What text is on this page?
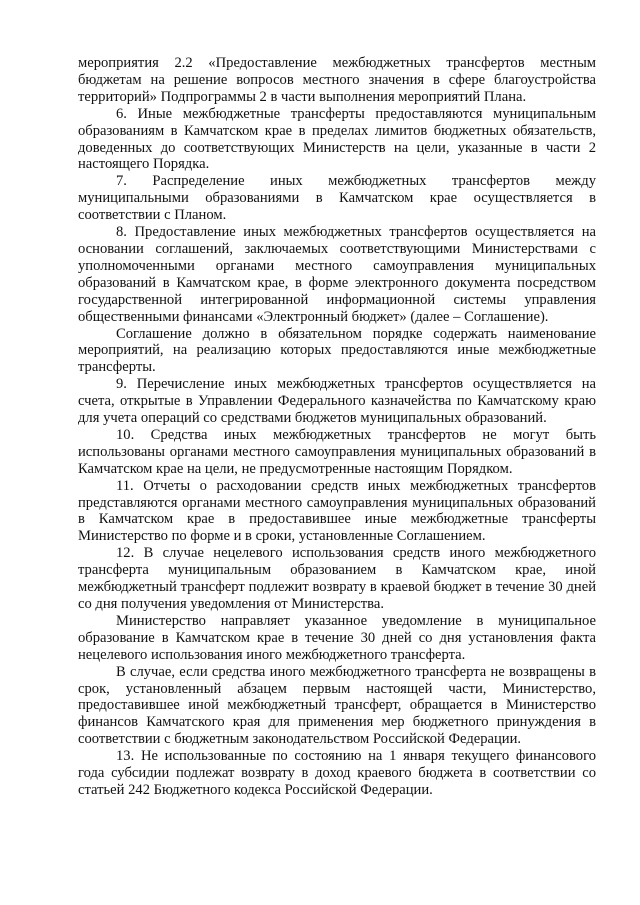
мероприятия 2.2 «Предоставление межбюджетных трансфертов местным бюджетам на решение вопросов местного значения в сфере благоустройства территорий» Подпрограммы 2 в части выполнения мероприятий Плана.

6. Иные межбюджетные трансферты предоставляются муниципальным образованиям в Камчатском крае в пределах лимитов бюджетных обязательств, доведенных до соответствующих Министерств на цели, указанные в части 2 настоящего Порядка.

7. Распределение иных межбюджетных трансфертов между муниципальными образованиями в Камчатском крае осуществляется в соответствии с Планом.

8. Предоставление иных межбюджетных трансфертов осуществляется на основании соглашений, заключаемых соответствующими Министерствами с уполномоченными органами местного самоуправления муниципальных образований в Камчатском крае, в форме электронного документа посредством государственной интегрированной информационной системы управления общественными финансами «Электронный бюджет» (далее – Соглашение).

Соглашение должно в обязательном порядке содержать наименование мероприятий, на реализацию которых предоставляются иные межбюджетные трансферты.

9. Перечисление иных межбюджетных трансфертов осуществляется на счета, открытые в Управлении Федерального казначейства по Камчатскому краю для учета операций со средствами бюджетов муниципальных образований.

10. Средства иных межбюджетных трансфертов не могут быть использованы органами местного самоуправления муниципальных образований в Камчатском крае на цели, не предусмотренные настоящим Порядком.

11. Отчеты о расходовании средств иных межбюджетных трансфертов представляются органами местного самоуправления муниципальных образований в Камчатском крае в предоставившее иные межбюджетные трансферты Министерство по форме и в сроки, установленные Соглашением.

12. В случае нецелевого использования средств иного межбюджетного трансферта муниципальным образованием в Камчатском крае, иной межбюджетный трансферт подлежит возврату в краевой бюджет в течение 30 дней со дня получения уведомления от Министерства.

Министерство направляет указанное уведомление в муниципальное образование в Камчатском крае в течение 30 дней со дня установления факта нецелевого использования иного межбюджетного трансферта.

В случае, если средства иного межбюджетного трансферта не возвращены в срок, установленный абзацем первым настоящей части, Министерство, предоставившее иной межбюджетный трансферт, обращается в Министерство финансов Камчатского края для применения мер бюджетного принуждения в соответствии с бюджетным законодательством Российской Федерации.

13. Не использованные по состоянию на 1 января текущего финансового года субсидии подлежат возврату в доход краевого бюджета в соответствии со статьей 242 Бюджетного кодекса Российской Федерации.
